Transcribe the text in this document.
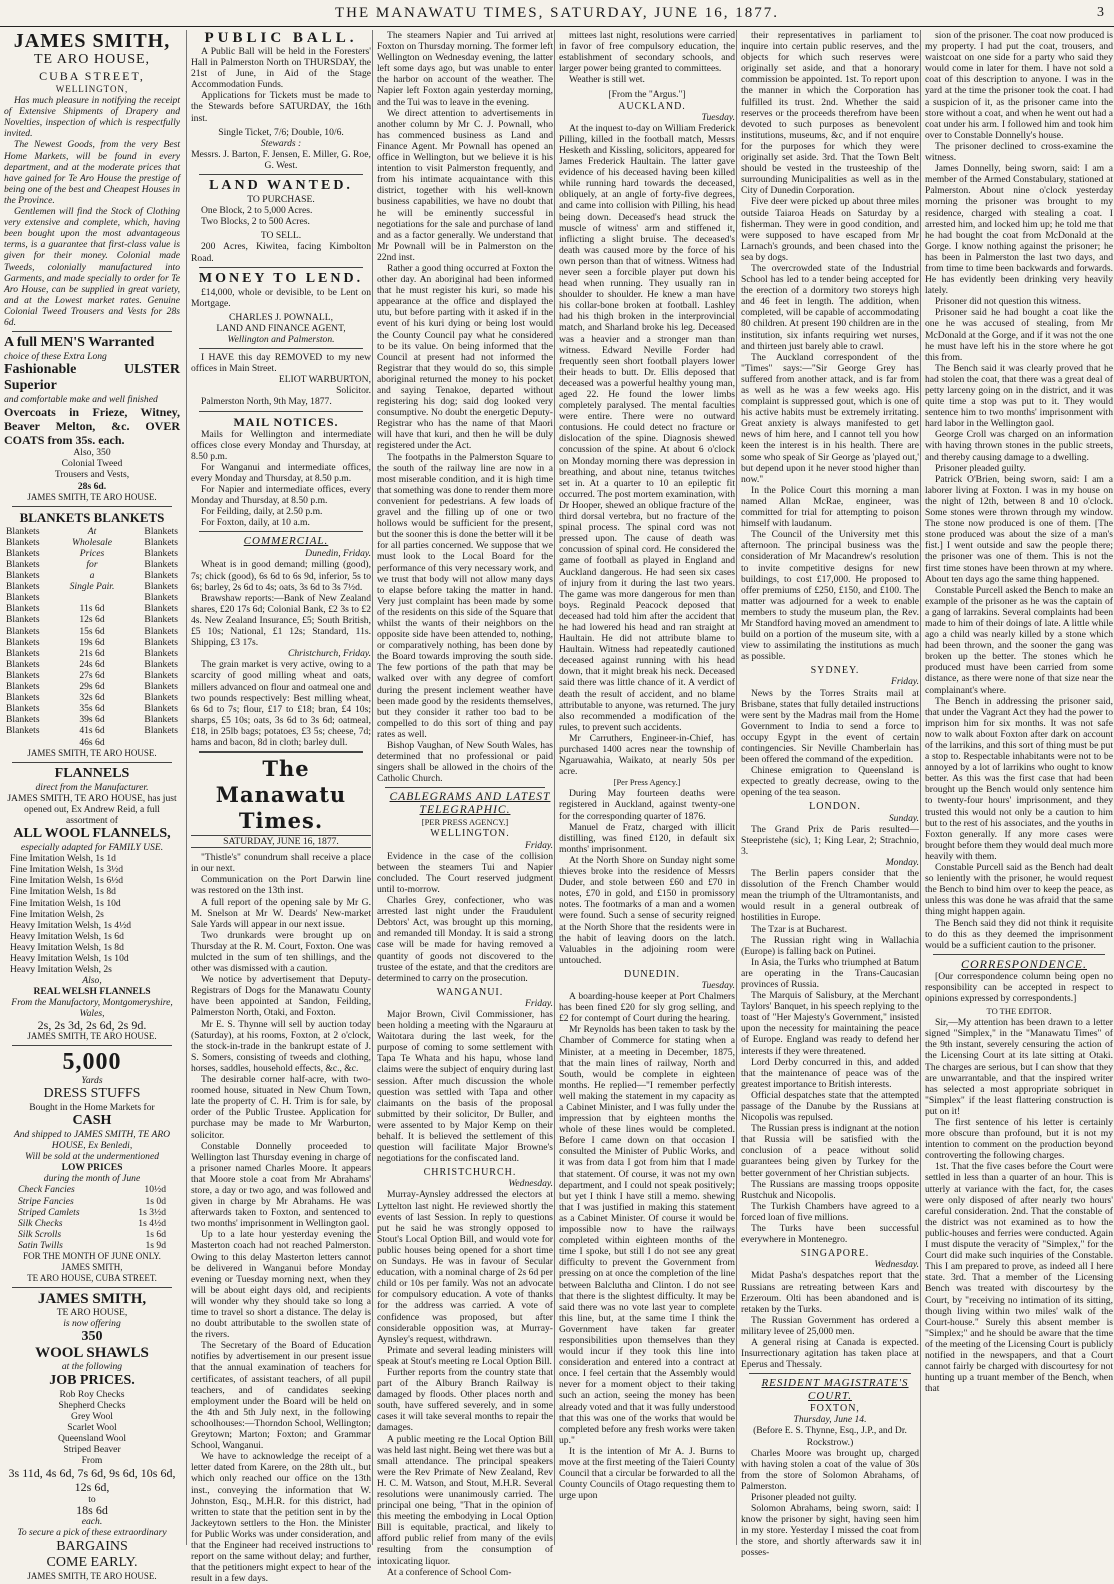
THE MANAWATU TIMES, SATURDAY, JUNE 16, 1877.	3

JAMES SMITH,

TE ARO HOUSE,

CUBA STREET,

WELLINGTON,

Has much pleasure in notifying the receipt of Extensive Shipments of Drapery and Novelties, inspection of which is respectfully invited.

The Newest Goods, from the very Best Home Markets, will be found in every department, and at the moderate prices that have gained for Te Aro House the prestige of being one of the best and Cheapest Houses in the Province.

Gentlemen will find the Stock of Clothing very extensive and complete, which, having been bought upon the most advantageous terms, is a guarantee that first-class value is given for their money. Colonial made Tweeds, colonially manufactured into Garments, and made specially to order for Te Aro House, can be supplied in great variety, and at the Lowest market rates. Genuine Colonial Tweed Trousers and Vests for 28s 6d.

A full MEN'S Warranted

choice of these Extra Long

Fashionable ULSTER Superior

and comfortable make and well finished

Overcoats in Frieze, Witney, Beaver Melton, &c. OVER COATS from 35s. each.

Also, 350

Colonial Tweed

Trousers and Vests,

28s 6d.

JAMES SMITH, TE ARO HOUSE.

BLANKETS BLANKETS

Blankets
Blankets
Blankets
Blankets
Blankets
Blankets
Blankets
Blankets
Blankets
Blankets
Blankets
Blankets
Blankets
Blankets
Blankets
Blankets
Blankets
Blankets
Blankets
At
Wholesale
Prices
for
a
Single Pair.

11s 6d
12s 6d
15s 6d
19s 6d
21s 6d
24s 6d
27s 6d
29s 6d
32s 6d
35s 6d
39s 6d
41s 6d
46s 6d
Blankets
Blankets
Blankets
Blankets
Blankets
Blankets
Blankets
Blankets
Blankets
Blankets
Blankets
Blankets
Blankets
Blankets
Blankets
Blankets
Blankets
Blankets
Blankets

JAMES SMITH, TE ARO HOUSE.

FLANNELS

direct from the Manufacturer.

JAMES SMITH, TE ARO HOUSE, has just opened out, Ex Andrew Reid, a full assortment of

ALL WOOL FLANNELS,

especially adapted for FAMILY USE.

Fine Imitation Welsh, 1s 1d

Fine Imitation Welsh, 1s 3½d

Fine Imitation Welsh, 1s 6½d

Fine Imitation Welsh, 1s 8d

Fine Imitation Welsh, 1s 10d

Fine Imitation Welsh, 2s

Heavy Imitation Welsh, 1s 4½d

Heavy Imitation Welsh, 1s 6d

Heavy Imitation Welsh, 1s 8d

Heavy Imitation Welsh, 1s 10d

Heavy Imitation Welsh, 2s

Also,

REAL WELSH FLANNELS

From the Manufactory, Montgomeryshire, Wales,

2s, 2s 3d, 2s 6d, 2s 9d.

JAMES SMITH, TE ARO HOUSE.

5,000

Yards

DRESS STUFFS

Bought in the Home Markets for

CASH

And shipped to JAMES SMITH, TE ARO HOUSE, Ex Benledi,

Will be sold at the undermentioned

LOW PRICES

during the month of June

Check Fancies	10½d
Stripe Fancies	1s 0d
Striped Camlets	1s 3½d
Silk Checks	1s 4½d
Silk Scrolls	1s 6d
Satin Twills	1s 9d

FOR THE MONTH OF JUNE ONLY.

JAMES SMITH,

TE ARO HOUSE, CUBA STREET.

JAMES SMITH,

TE ARO HOUSE,

is now offering

350

WOOL SHAWLS

at the following

JOB PRICES.

Rob Roy Checks

Shepherd Checks

Grey Wool

Scarlet Wool

Queensland Wool

Striped Beaver

From

3s 11d, 4s 6d, 7s 6d, 9s 6d, 10s 6d, 12s 6d,

to

18s 6d

each.

To secure a pick of these extraordinary

BARGAINS

COME EARLY.

JAMES SMITH, TE ARO HOUSE.

PUBLIC BALL.

A Public Ball will be held in the Foresters' Hall in Palmerston North on THURSDAY, the 21st of June, in Aid of the Stage Accommodation Funds.

Applications for Tickets must be made to the Stewards before SATURDAY, the 16th inst.

Single Ticket, 7/6; Double, 10/6.

Stewards :

Messrs. J. Barton, F. Jensen, E. Miller, G. Roe, G. West.

LAND WANTED.

TO PURCHASE.

One Block, 2 to 5,000 Acres.

Two Blocks, 2 to 500 Acres.

TO SELL.

200 Acres, Kiwitea, facing Kimbolton Road.

MONEY TO LEND.

£14,000, whole or devisible, to be Lent on Mortgage.

CHARLES J. POWNALL,

LAND AND FINANCE AGENT,

Wellington and Palmerston.

I HAVE this day REMOVED to my new offices in Main Street.

ELIOT WARBURTON,

Solicitor.

Palmerston North, 9th May, 1877.

MAIL NOTICES.

Mails for Wellington and intermediate offices close every Monday and Thursday, at 8.50 p.m.

For Wanganui and intermediate offices, every Monday and Thursday, at 8.50 p.m.

For Napier and intermediate offices, every Monday and Thursday, at 8.50 p.m.

For Feilding, daily, at 2.50 p.m.

For Foxton, daily, at 10 a.m.

COMMERCIAL.

Dunedin, Friday.

Wheat is in good demand; milling (good), 7s; chick (good), 6s 6d to 6s 9d, inferior, 5s to 6s; barley, 2s 6d to 4s; oats, 3s 6d to 3s 7½d.

Brawshaw reports:—Bank of New Zealand shares, £20 17s 6d; Colonial Bank, £2 3s to £2 4s. New Zealand Insurance, £5; South British, £5 10s; National, £1 12s; Standard, 11s. Shipping, £3 17s.

Christchurch, Friday.

The grain market is very active, owing to a scarcity of good milling wheat and oats, millers advanced on flour and oatmeal one and two pounds respectively: Best milling wheat, 6s 6d to 7s; flour, £17 to £18; bran, £4 10s; sharps, £5 10s; oats, 3s 6d to 3s 6d; oatmeal, £18, in 25lb bags; potatoes, £3 5s; cheese, 7d; hams and bacon, 8d in cloth; barley dull.

The Manawatu Times.

SATURDAY, JUNE 16, 1877.

"Thistle's" conundrum shall receive a place in our next.

Communication on the Port Darwin line was restored on the 13th inst.

A full report of the opening sale by Mr G. M. Snelson at Mr W. Deards' New-market Sale Yards will appear in our next issue.

Two drunkards were brought up on Thursday at the R. M. Court, Foxton. One was mulcted in the sum of ten shillings, and the other was dismissed with a caution.

We notice by advertisement that Deputy-Registrars of Dogs for the Manawatu County have been appointed at Sandon, Feilding, Palmerston North, Otaki, and Foxton.

Mr E. S. Thynne will sell by auction today (Saturday), at his rooms, Foxton, at 2 o'clock, the stock-in-trade in the bankrupt estate of J. S. Somers, consisting of tweeds and clothing, horses, saddles, household effects, &c., &c.

The desirable corner half-acre, with two-roomed house, situated in New Chum Town, late the property of C. H. Trim is for sale, by order of the Public Trustee. Application for purchase may be made to Mr Warburton, solicitor.

Constable Donnelly proceeded to Wellington last Thursday evening in charge of a prisoner named Charles Moore. It appears that Moore stole a coat from Mr Abrahams' store, a day or two ago, and was followed and given in charge by Mr Abrahams. He was afterwards taken to Foxton, and sentenced to two months' imprisonment in Wellington gaol.

Up to a late hour yesterday evening the Masterton coach had not reached Palmerston. Owing to this delay Masterton letters cannot be delivered in Wanganui before Monday evening or Tuesday morning next, when they will be about eight days old, and recipients will wonder why they should take so long a time to travel so short a distance. The delay is no doubt attributable to the swollen state of the rivers.

The Secretary of the Board of Education notifies by advertisement in our present issue that the annual examination of teachers for certificates, of assistant teachers, of all pupil teachers, and of candidates seeking employment under the Board will be held on the 4th and 5th July next, in the following schoolhouses:—Thorndon School, Wellington; Greytown; Marton; Foxton; and Grammar School, Wanganui.

We have to acknowledge the receipt of a letter dated from Karere, on the 28th ult., but which only reached our office on the 13th inst., conveying the information that W. Johnston, Esq., M.H.R. for this district, had written to state that the petition sent in by the Jackeytown settlers to the Hon. the Minister for Public Works was under consideration, and that the Engineer had received instructions to report on the same without delay; and further, that the petitioners might expect to hear of the result in a few days.

The steamers Napier and Tui arrived at Foxton on Thursday morning. The former left Wellington on Wednesday evening, the latter left some days ago, but was unable to enter the harbor on account of the weather. The Napier left Foxton again yesterday morning, and the Tui was to leave in the evening.

We direct attention to advertisements in another column by Mr C. J. Pownall, who has commenced business as Land and Finance Agent. Mr Pownall has opened an office in Wellington, but we believe it is his intention to visit Palmerston frequently, and from his intimate acquaintance with this district, together with his well-known business capabilities, we have no doubt that he will be eminently successful in negotiations for the sale and purchase of land and as a factor generally. We understand that Mr Pownall will be in Palmerston on the 22nd inst.

Rather a good thing occurred at Foxton the other day. An aboriginal had been informed that he must register his kuri, so made his appearance at the office and displayed the utu, but before parting with it asked if in the event of his kuri dying or being lost would the County Council pay what he considered to be its value. On being informed that the Council at present had not informed the Registrar that they would do so, this simple aboriginal returned the money to his pocket and saying Tenakoe, departed without registering his dog; said dog looked very consumptive. No doubt the energetic Deputy-Registrar who has the name of that Maori will have that kuri, and then he will be duly registered under the Act.

The footpaths in the Palmerston Square to the south of the railway line are now in a most miserable condition, and it is high time that something was done to render them more convenient for pedestrians. A few loads of gravel and the filling up of one or two hollows would be sufficient for the present, but the sooner this is done the better will it be for all parties concerned. We suppose that we must look to the Local Board for the performance of this very necessary work, and we trust that body will not allow many days to elapse before taking the matter in hand. Very just complaint has been made by some of the residents on this side of the Square that whilst the wants of their neighbors on the opposite side have been attended to, nothing, or comparatively nothing, has been done by the Board towards improving the south side. The few portions of the path that may be walked over with any degree of comfort during the present inclement weather have been made good by the residents themselves, but they consider it rather too bad to be compelled to do this sort of thing and pay rates as well.

Bishop Vaughan, of New South Wales, has determined that no professional or paid singers shall be allowed in the choirs of the Catholic Church.

CABLEGRAMS AND LATEST TELEGRAPHIC.

[PER PRESS AGENCY.]

WELLINGTON.

Friday.

Evidence in the case of the collision between the steamers Tui and Napier concluded. The Court reserved judgment until to-morrow.

Charles Grey, confectioner, who was arrested last night under the Fraudulent Debtors' Act, was brought up this morning, and remanded till Monday. It is said a strong case will be made for having removed a quantity of goods not discovered to the trustee of the estate, and that the creditors are determined to carry on the prosecution.

WANGANUI.

Friday.

Major Brown, Civil Commissioner, has been holding a meeting with the Ngarauru at Waitotara during the last week, for the purpose of coming to some settlement with Tapa Te Whata and his hapu, whose land claims were the subject of enquiry during last session. After much discussion the whole question was settled with Tapa and other claimants on the basis of the proposal submitted by their solicitor, Dr Buller, and were assented to by Major Kemp on their behalf. It is believed the settlement of this question will facilitate Major Browne's negotiations for the confiscated land.

CHRISTCHURCH.

Wednesday.

Murray-Aynsley addressed the electors at Lyttelton last night. He reviewed shortly the events of last Session. In reply to questions put he said he was strongly opposed to Stout's Local Option Bill, and would vote for public houses being opened for a short time on Sundays. He was in favour of Secular education, with a nominal charge of 2s 6d per child or 10s per family. Was not an advocate for compulsory education. A vote of thanks for the address was carried. A vote of confidence was proposed, but after considerable opposition was, at Murray-Aynsley's request, withdrawn.

Primate and several leading ministers will speak at Stout's meeting re Local Option Bill.

Further reports from the country state that part of the Albury Branch Railway is damaged by floods. Other places north and south, have suffered severely, and in some cases it will take several months to repair the damages.

A public meeting re the Local Option Bill was held last night. Being wet there was but a small attendance. The principal speakers were the Rev Primate of New Zealand, Rev H. C. M. Watson, and Stout, M.H.R. Several resolutions were unanimously carried. The principal one being, "That in the opinion of this meeting the embodying in Local Option Bill is equitable, practical, and likely to afford public relief from many of the evils resulting from the consumption of intoxicating liquor.

At a conference of School Com-

mittees last night, resolutions were carried in favor of free compulsory education, the establishment of secondary schools, and larger power being granted to committees.

Weather is still wet.

[From the "Argus."]

AUCKLAND.

Tuesday.

At the inquest to-day on William Frederick Pilling, killed in the football match, Messrs Hesketh and Kissling, solicitors, appeared for James Frederick Haultain. The latter gave evidence of his deceased having been killed while running hard towards the deceased, obliquely, at an angle of forty-five degrees, and came into collision with Pilling, his head being down. Deceased's head struck the muscle of witness' arm and stiffened it, inflicting a slight bruise. The deceased's death was caused more by the force of his own person than that of witness. Witness had never seen a forcible player put down his head when running. They usually ran in shoulder to shoulder. He knew a man have his collar-bone broken at football. Lashley had his thigh broken in the interprovincial match, and Sharland broke his leg. Deceased was a heavier and a stronger man than witness. Edward Neville Forder had frequently seen short football players lower their heads to butt. Dr. Ellis deposed that deceased was a powerful healthy young man, aged 22. He found the lower limbs completely paralysed. The mental faculties were entire. There were no outward contusions. He could detect no fracture or dislocation of the spine. Diagnosis shewed concussion of the spine. At about 6 o'clock on Monday morning there was depression in breathing, and about nine, tetanus twitches set in. At a quarter to 10 an epileptic fit occurred. The post mortem examination, with Dr Hooper, shewed an oblique fracture of the third dorsal vertebra, but no fracture of the spinal process. The spinal cord was not pressed upon. The cause of death was concussion of spinal cord. He considered the game of football as played in England and Auckland dangerous. He had seen six cases of injury from it during the last two years. The game was more dangerous for men than boys. Reginald Peacock deposed that deceased had told him after the accident that he had lowered his head and ran straight at Haultain. He did not attribute blame to Haultain. Witness had repeatedly cautioned deceased against running with his head down, that it might break his neck. Deceased said there was little chance of it. A verdict of death the result of accident, and no blame attributable to anyone, was returned. The jury also recommended a modification of the rules, to prevent such accidents.

Mr Carruthers, Engineer-in-Chief, has purchased 1400 acres near the township of Ngaruawahia, Waikato, at nearly 50s per acre.

[Per Press Agency.]

During May fourteen deaths were registered in Auckland, against twenty-one for the corresponding quarter of 1876.

Manuel de Fratz, charged with illicit distilling, was fined £120, in default six months' imprisonment.

At the North Shore on Sunday night some thieves broke into the residence of Messrs Duder, and stole between £60 and £70 in notes, £70 in gold, and £150 in promissory notes. The footmarks of a man and a women were found. Such a sense of security reigned at the North Shore that the residents were in the habit of leaving doors on the latch. Valuables in the adjoining room were untouched.

DUNEDIN.

Tuesday.

A boarding-house keeper at Port Chalmers has been fined £20 for sly grog selling, and £2 for contempt of Court during the hearing.

Mr Reynolds has been taken to task by the Chamber of Commerce for stating when a Minister, at a meeting in December, 1875, that the main lines of railway, North and South, would be complete in eighteen months. He replied—"I remember perfectly well making the statement in my capacity as a Cabinet Minister, and I was fully under the impression that by eighteen months the whole of these lines would be completed. Before I came down on that occasion I consulted the Minister of Public Works, and it was from data I got from him that I made that statement. Of course, it was not my own department, and I could not speak positively; but yet I think I have still a memo. shewing that I was justified in making this statement as a Cabinet Minister. Of course it would be impossible now to have the railways completed within eighteen months of the time I spoke, but still I do not see any great difficulty to prevent the Government from pressing on at once the completion of the line between Balclutha and Clinton. I do not see that there is the slightest difficulty. It may be said there was no vote last year to complete this line, but, at the same time I think the Government have taken far greater responsibilities upon themselves than they would incur if they took this line into consideration and entered into a contract at once. I feel certain that the Assembly would never for a moment object to their taking such an action, seeing the money has been already voted and that it was fully understood that this was one of the works that would be completed before any fresh works were taken up."

It is the intention of Mr A. J. Burns to move at the first meeting of the Taieri County Council that a circular be forwarded to all the County Councils of Otago requesting them to urge upon

their representatives in parliament to inquire into certain public reserves, and the objects for which such reserves were originally set aside, and that a honorary commission be appointed. 1st. To report upon the manner in which the Corporation has fulfilled its trust. 2nd. Whether the said reserves or the proceeds therefrom have been devoted to such purposes as benevolent institutions, museums, &c, and if not enquire for the purposes for which they were originally set aside. 3rd. That the Town Belt should be vested in the trusteeship of the surrounding Municipalities as well as in the City of Dunedin Corporation.

Five deer were picked up about three miles outside Taiaroa Heads on Saturday by a fisherman. They were in good condition, and were supposed to have escaped from Mr Larnach's grounds, and been chased into the sea by dogs.

The overcrowded state of the Industrial School has led to a tender being accepted for the erection of a dormitory two storeys high and 46 feet in length. The addition, when completed, will be capable of accommodating 80 children. At present 190 children are in the institution, six infants requiring wet nurses, and thirteen just barely able to crawl.

The Auckland correspondent of the "Times" says:—"Sir George Grey has suffered from another attack, and is far from as well as he was a few weeks ago. His complaint is suppressed gout, which is one of his active habits must be extremely irritating. Great anxiety is always manifested to get news of him here, and I cannot tell you how keen the interest is in his health. There are some who speak of Sir George as 'played out,' but depend upon it he never stood higher than now."

In the Police Court this morning a man named Allan McRae, engineer, was committed for trial for attempting to poison himself with laudanum.

The Council of the University met this afternoon. The principal business was the consideration of Mr Macandrew's resolution to invite competitive designs for new buildings, to cost £17,000. He proposed to offer premiums of £250, £150, and £100. The matter was adjourned for a week to enable members to study the museum plan, the Rev. Mr Standford having moved an amendment to build on a portion of the museum site, with a view to assimilating the institutions as much as possible.

SYDNEY.

Friday.

News by the Torres Straits mail at Brisbane, states that fully detailed instructions were sent by the Madras mail from the Home Government to India to send a force to occupy Egypt in the event of certain contingencies. Sir Neville Chamberlain has been offered the command of the expedition.

Chinese emigration to Queensland is expected to greatly decrease, owing to the opening of the tea season.

LONDON.

Sunday.

The Grand Prix de Paris resulted—Steepristehe (sic), 1; King Lear, 2; Strachnio, 3.

Monday.

The Berlin papers consider that the dissolution of the French Chamber would mean the triumph of the Ultramontanists, and would result in a general outbreak of hostilities in Europe.

The Tzar is at Bucharest.

The Russian right wing in Wallachia (Europe) is falling back on Putinei.

In Asia, the Turks who triumphed at Batum are operating in the Trans-Caucasian provinces of Russia.

The Marquis of Salisbury, at the Merchant Taylors' Banquet, in his speech replying to the toast of "Her Majesty's Government," insisted upon the necessity for maintaining the peace of Europe. England was ready to defend her interests if they were threatened.

Lord Derby concurred in this, and added that the maintenance of peace was of the greatest importance to British interests.

Official despatches state that the attempted passage of the Danube by the Russians at Nicopolis was repulsed.

The Russian press is indignant at the notion that Russia will be satisfied with the conclusion of a peace without solid guarantees being given by Turkey for the better government of her Christian subjects.

The Russians are massing troops opposite Rustchuk and Nicopolis.

The Turkish Chambers have agreed to a forced loan of five millions.

The Turks have been successful everywhere in Montenegro.

SINGAPORE.

Wednesday.

Midat Pasha's despatches report that the Russians are retreating between Kars and Erzeroum. Olti has been abandoned and is retaken by the Turks.

The Russian Government has ordered a military levee of 25,000 men.

A general rising at Canada is expected. Insurrectionary agitation has taken place at Eperus and Thessaly.

RESIDENT MAGISTRATE'S COURT.

FOXTON,

Thursday, June 14.

(Before E. S. Thynne, Esq., J.P., and Dr. Rockstrow.)

Charles Moore was brought up, charged with having stolen a coat of the value of 30s from the store of Solomon Abrahams, of Palmerston.

Prisoner pleaded not guilty.

Solomon Abrahams, being sworn, said: I know the prisoner by sight, having seen him in my store. Yesterday I missed the coat from the store, and shortly afterwards saw it in posses-

sion of the prisoner. The coat now produced is my property. I had put the coat, trousers, and waistcoat on one side for a party who said they would come in later for them. I have not sold a coat of this description to anyone. I was in the yard at the time the prisoner took the coat. I had a suspicion of it, as the prisoner came into the store without a coat, and when he went out had a coat under his arm. I followed him and took him over to Constable Donnelly's house.

The prisoner declined to cross-examine the witness.

James Donnelly, being sworn, said: I am a member of the Armed Constabulary, stationed at Palmerston. About nine o'clock yesterday morning the prisoner was brought to my residence, charged with stealing a coat. I arrested him, and locked him up; he told me that he had bought the coat from McDonald at the Gorge. I know nothing against the prisoner; he has been in Palmerston the last two days, and from time to time been backwards and forwards. He has evidently been drinking very heavily lately.

Prisoner did not question this witness.

Prisoner said he had bought a coat like the one he was accused of stealing, from Mr McDonald at the Gorge, and if it was not the one he must have left his in the store where he got this from.

The Bench said it was clearly proved that he had stolen the coat, that there was a great deal of petty larceny going on in the district, and it was quite time a stop was put to it. They would sentence him to two months' imprisonment with hard labor in the Wellington gaol.

George Croll was charged on an information with having thrown stones in the public streets, and thereby causing damage to a dwelling.

Prisoner pleaded guilty.

Patrick O'Brien, being sworn, said: I am a laborer living at Foxton. I was in my house on the night of 12th, between 8 and 10 o'clock. Some stones were thrown through my window. The stone now produced is one of them. [The stone produced was about the size of a man's fist.] I went outside and saw the people there; the prisoner was one of them. This is not the first time stones have been thrown at my where. About ten days ago the same thing happened.

Constable Purcell asked the Bench to make an example of the prisoner as he was the captain of a gang of larrakins. Several complaints had been made to him of their doings of late. A little while ago a child was nearly killed by a stone which had been thrown, and the sooner the gang was broken up the better. The stones which he produced must have been carried from some distance, as there were none of that size near the complainant's where.

The Bench in addressing the prisoner said, that under the Vagrant Act they had the power to imprison him for six months. It was not safe now to walk about Foxton after dark on account of the larrikins, and this sort of thing must be put a stop to. Respectable inhabitants were not to be annoyed by a lot of larrikins who ought to know better. As this was the first case that had been brought up the Bench would only sentence him to twenty-four hours' imprisonment, and they trusted this would not only be a caution to him but to the rest of his associates, and the youths in Foxton generally. If any more cases were brought before them they would deal much more heavily with them.

Constable Purcell said as the Bench had dealt so leniently with the prisoner, he would request the Bench to bind him over to keep the peace, as unless this was done he was afraid that the same thing might happen again.

The Bench said they did not think it requisite to do this as they deemed the imprisonment would be a sufficient caution to the prisoner.

CORRESPONDENCE.

[Our correspondence column being open no responsibility can be accepted in respect to opinions expressed by correspondents.]

TO THE EDITOR.

Sir,—My attention has been drawn to a letter signed "Simplex," in the "Manawatu Times" of the 9th instant, severely censuring the action of the Licensing Court at its late sitting at Otaki. The charges are serious, but I can show that they are unwarrantable, and that the inspired writer has selected a most appropriate sobriquet in "Simplex" if the least flattering construction is put on it!

The first sentence of his letter is certainly more obscure than profound, but it is not my intention to comment on the production beyond controverting the following charges.

1st. That the five cases before the Court were settled in less than a quarter of an hour. This is utterly at variance with the fact, for, the cases were only disposed of after nearly two hours' careful consideration. 2nd. That the constable of the district was not examined as to how the public-houses and ferries were conducted. Again I must dispute the veracity of "Simplex," for the Court did make such inquiries of the Constable. This I am prepared to prove, as indeed all I here state. 3rd. That a member of the Licensing Bench was treated with discourtesy by the Court, by "receiving no intimation of its sitting, though living within two miles' walk of the Court-house." Surely this absent member is "Simplex;" and he should be aware that the time of the meeting of the Licensing Court is publicly notified in the newspapers, and that a Court cannot fairly be charged with discourtesy for not hunting up a truant member of the Bench, when that
